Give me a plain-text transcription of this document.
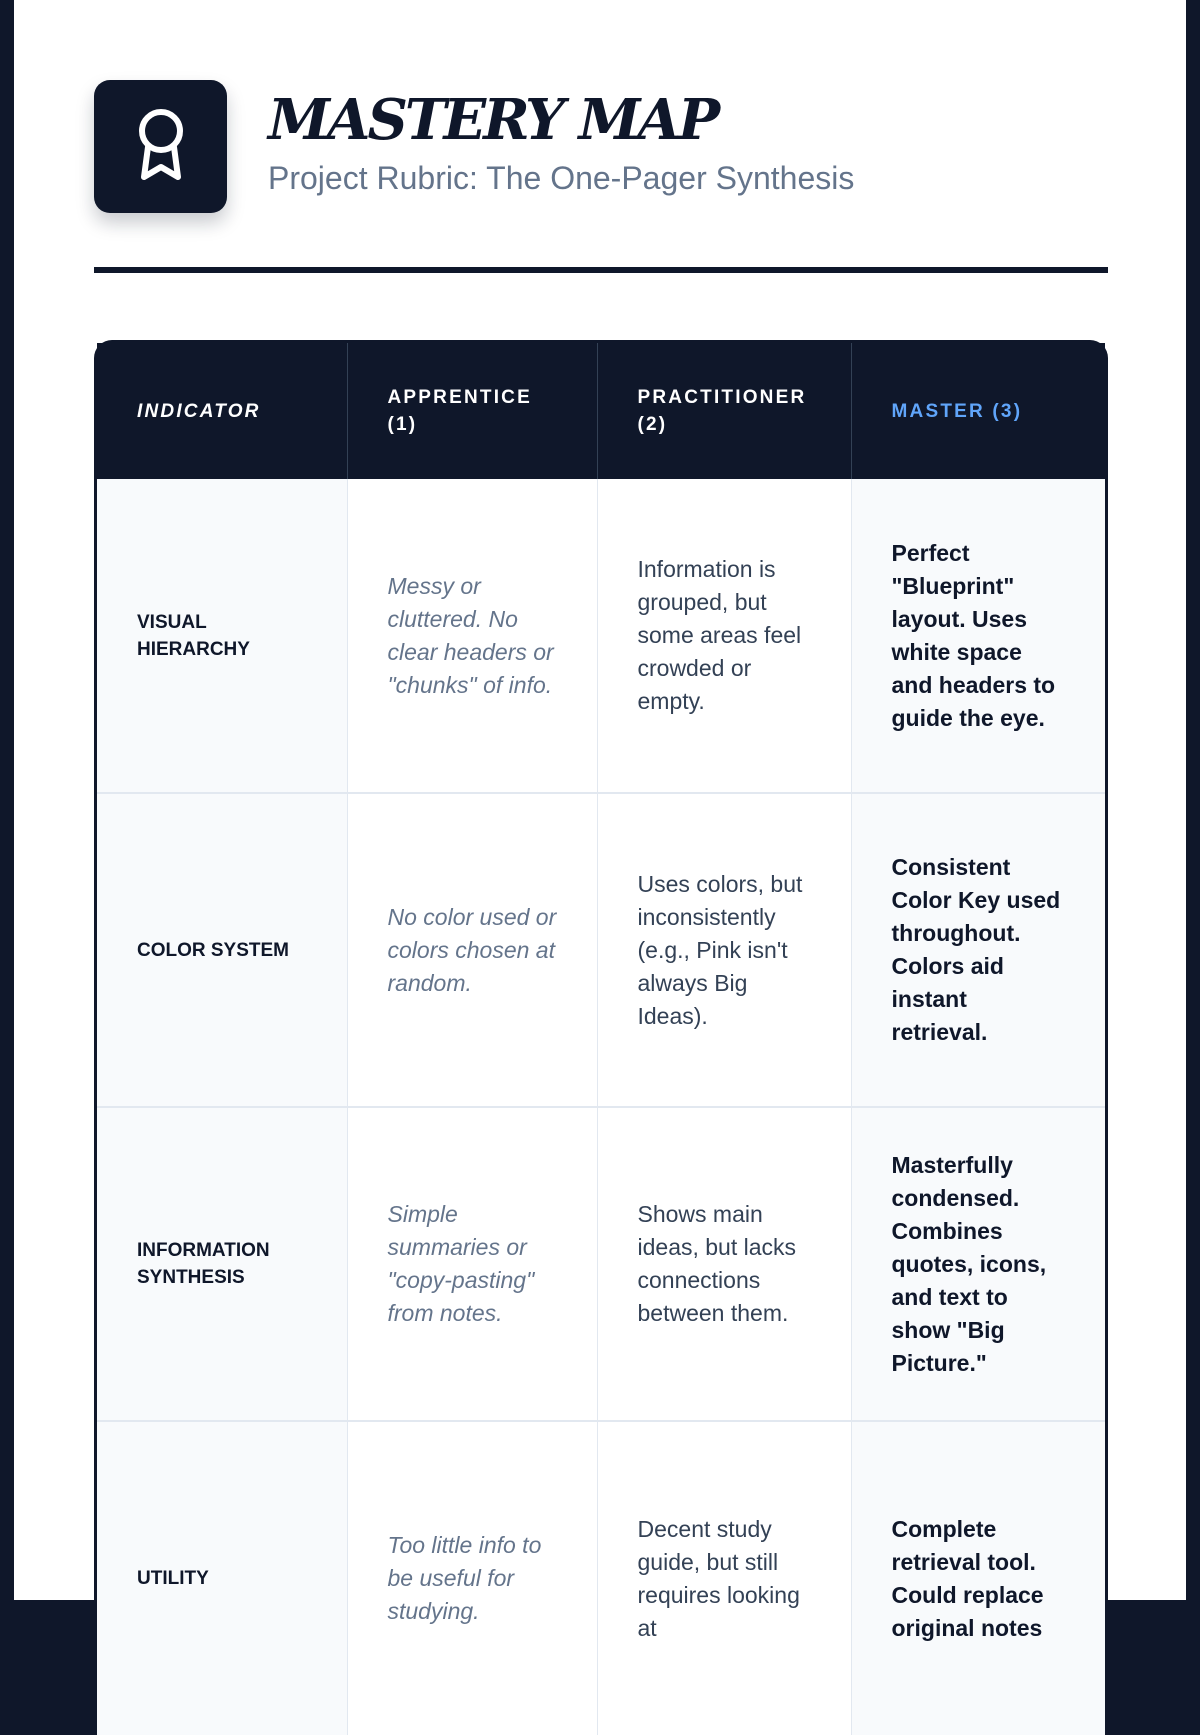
MASTERY MAP
Project Rubric: The One-Pager Synthesis
INDICATOR	APPRENTICE (1)	PRACTITIONER (2)	MASTER (3)
VISUAL HIERARCHY	Messy or cluttered. No clear headers or "chunks" of info.	Information is grouped, but some areas feel crowded or empty.	Perfect "Blueprint" layout. Uses white space and headers to guide the eye.
COLOR SYSTEM	No color used or colors chosen at random.	Uses colors, but inconsistently (e.g., Pink isn't always Big Ideas).	Consistent Color Key used throughout. Colors aid instant retrieval.
INFORMATION SYNTHESIS	Simple summaries or "copy-pasting" from notes.	Shows main ideas, but lacks connections between them.	Masterfully condensed. Combines quotes, icons, and text to show "Big Picture."
UTILITY	Too little info to be useful for studying.	Decent study guide, but still requires looking at	Complete retrieval tool. Could replace original notes
